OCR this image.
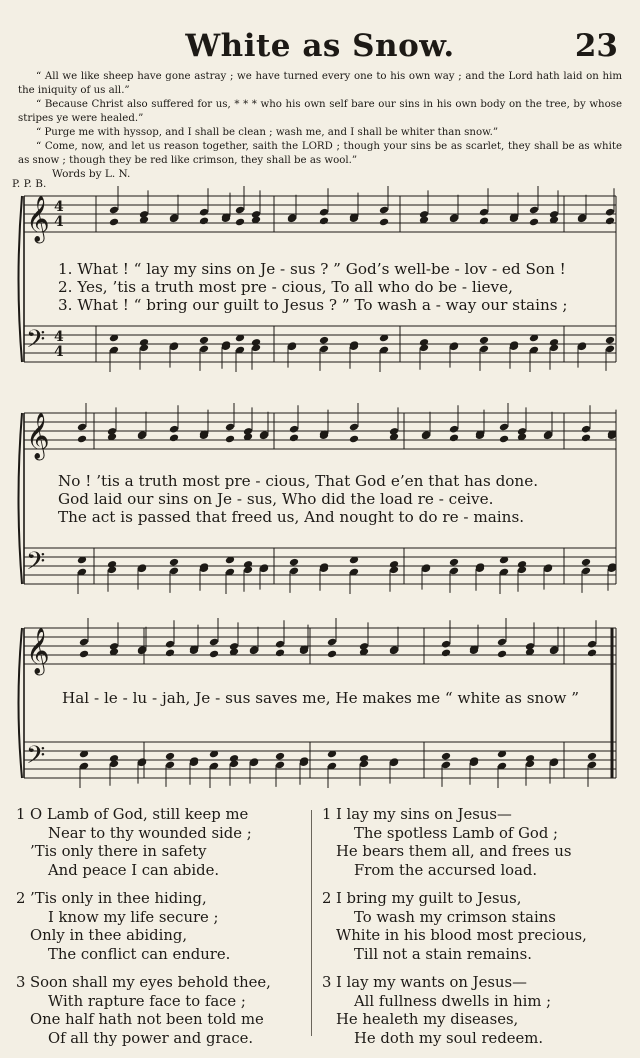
White as Snow.	23

“ All we like sheep have gone astray ; we have turned every one to his own way ; and the Lord hath laid on him the iniquity of us all.”

“ Because Christ also suffered for us, * * * who his own self bare our sins in his own body on the tree, by whose stripes ye were healed.”

“ Purge me with hyssop, and I shall be clean ; wash me, and I shall be whiter than snow.”

“ Come, now, and let us reason together, saith the LORD ; though your sins be as scarlet, they shall be as white as snow ; though they be red like crimson, they shall be as wool.”

Words by L. N.
P. P. B.
𝄞
𝄢
4
4
4
4
𝄞
𝄢
𝄞
𝄢
1. What ! “ lay my sins on Je - sus ? ” God’s well-be - lov - ed Son !
2. Yes, ’tis a truth most pre - cious, To all who do be - lieve,
3. What ! “ bring our guilt to Jesus ? ” To wash a - way our stains ;
No ! ’tis a truth most pre - cious, That God e’en that has done.
God laid our sins on Je - sus, Who did the load re - ceive.
The act is passed that freed us, And nought to do re - mains.
Hal - le - lu - jah, Je - sus saves me, He makes me “ white as snow ”
1 O Lamb of God, still keep me
Near to thy wounded side ;
’Tis only there in safety
And peace I can abide.
2 ’Tis only in thee hiding,
I know my life secure ;
Only in thee abiding,
The conflict can endure.
3 Soon shall my eyes behold thee,
With rapture face to face ;
One half hath not been told me
Of all thy power and grace.
1 I lay my sins on Jesus—
The spotless Lamb of God ;
He bears them all, and frees us
From the accursed load.
2 I bring my guilt to Jesus,
To wash my crimson stains
White in his blood most precious,
Till not a stain remains.
3 I lay my wants on Jesus—
All fullness dwells in him ;
He healeth my diseases,
He doth my soul redeem.
